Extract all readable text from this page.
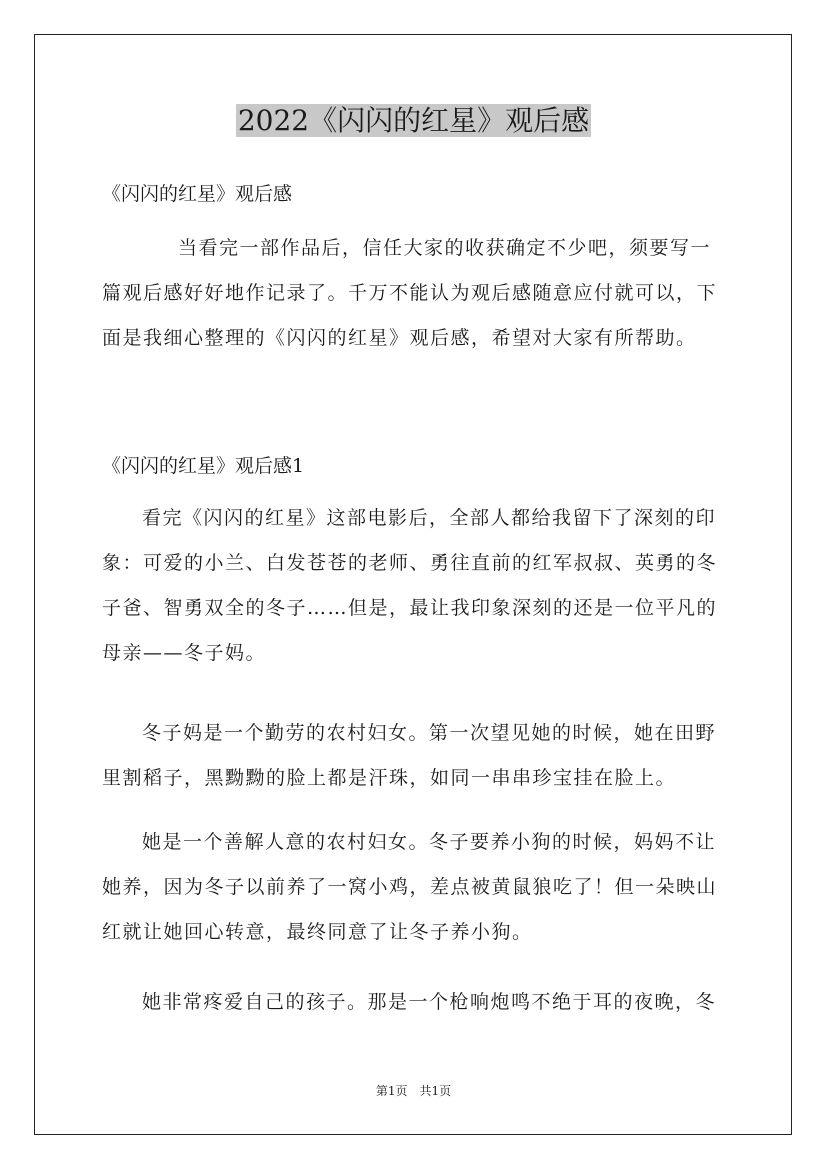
2022《闪闪的红星》观后感

《闪闪的红星》观后感

当看完一部作品后，信任大家的收获确定不少吧，须要写一篇观后感好好地作记录了。千万不能认为观后感随意应付就可以，下面是我细心整理的《闪闪的红星》观后感，希望对大家有所帮助。

《闪闪的红星》观后感1

看完《闪闪的红星》这部电影后，全部人都给我留下了深刻的印象：可爱的小兰、白发苍苍的老师、勇往直前的红军叔叔、英勇的冬子爸、智勇双全的冬子……但是，最让我印象深刻的还是一位平凡的母亲——冬子妈。

冬子妈是一个勤劳的农村妇女。第一次望见她的时候，她在田野里割稻子，黑黝黝的脸上都是汗珠，如同一串串珍宝挂在脸上。

她是一个善解人意的农村妇女。冬子要养小狗的时候，妈妈不让她养，因为冬子以前养了一窝小鸡，差点被黄鼠狼吃了！但一朵映山红就让她回心转意，最终同意了让冬子养小狗。

她非常疼爱自己的孩子。那是一个枪响炮鸣不绝于耳的夜晚，冬

第1页　共1页
